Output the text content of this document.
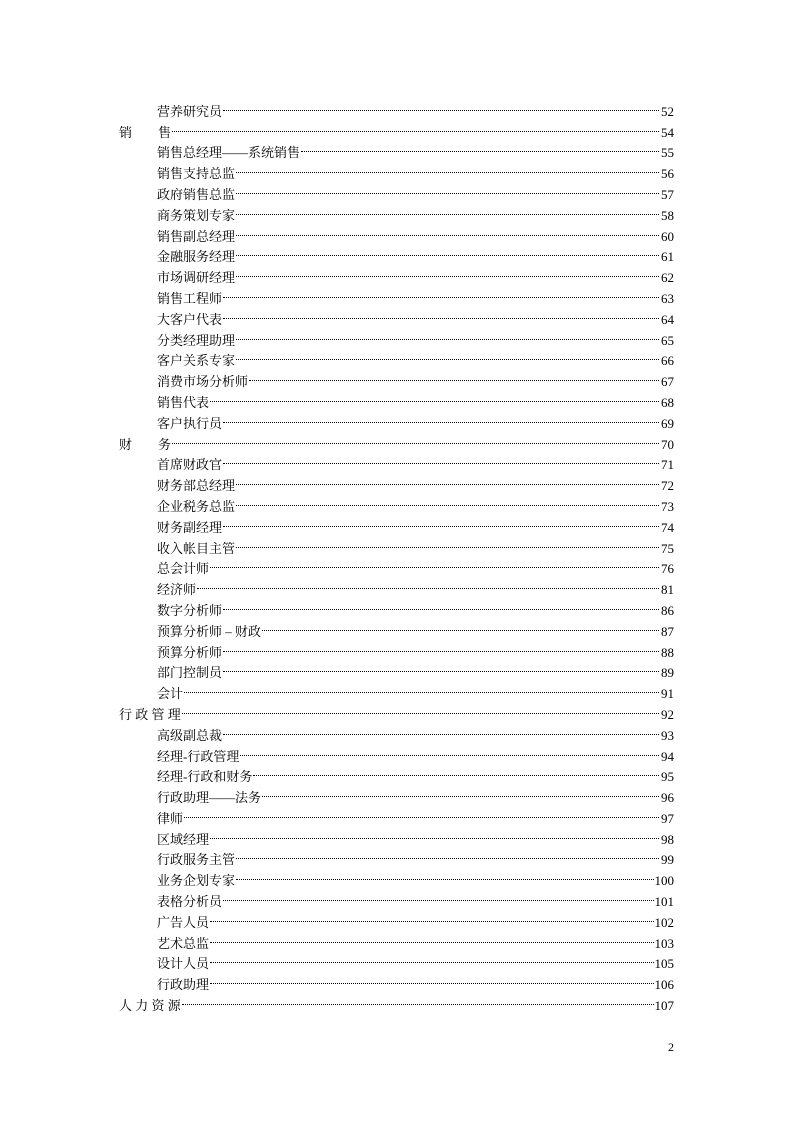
营养研究员	52
销　　售	54
销售总经理——系统销售	55
销售支持总监	56
政府销售总监	57
商务策划专家	58
销售副总经理	60
金融服务经理	61
市场调研经理	62
销售工程师	63
大客户代表	64
分类经理助理	65
客户关系专家	66
消费市场分析师	67
销售代表	68
客户执行员	69
财　　务	70
首席财政官	71
财务部总经理	72
企业税务总监	73
财务副经理	74
收入帐目主管	75
总会计师	76
经济师	81
数字分析师	86
预算分析师 – 财政	87
预算分析师	88
部门控制员	89
会计	91
行 政 管 理	92
高级副总裁	93
经理-行政管理	94
经理-行政和财务	95
行政助理——法务	96
律师	97
区域经理	98
行政服务主管	99
业务企划专家	100
表格分析员	101
广告人员	102
艺术总监	103
设计人员	105
行政助理	106
人 力 资 源	107
2
